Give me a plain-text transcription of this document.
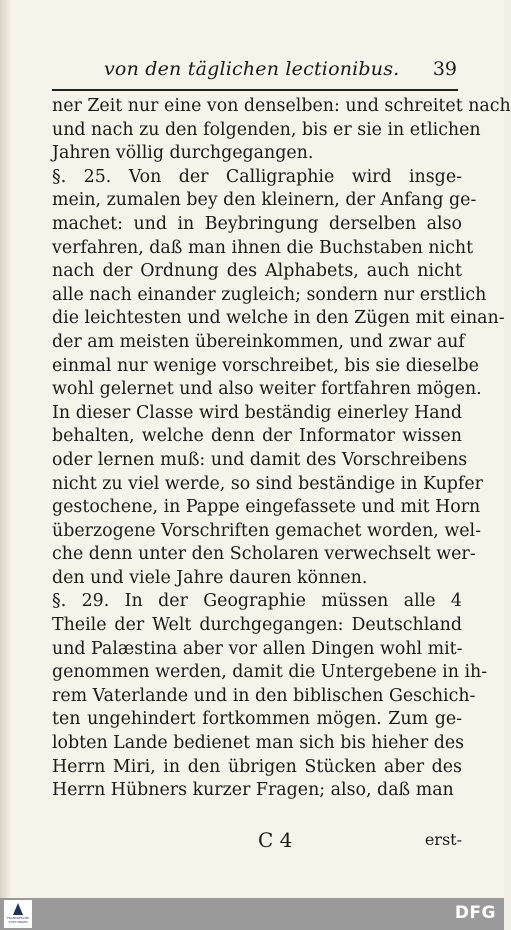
von den täglichen lectionibus. 39
ner Zeit nur eine von denselben: und schreitet nach
und nach zu den folgenden, bis er sie in etlichen
Jahren völlig durchgegangen.
§. 25. Von der Calligraphie wird insge-
mein, zumalen bey den kleinern, der Anfang ge-
machet: und in Beybringung derselben also
verfahren, daß man ihnen die Buchstaben nicht
nach der Ordnung des Alphabets, auch nicht
alle nach einander zugleich; sondern nur erstlich
die leichtesten und welche in den Zügen mit einan-
der am meisten übereinkommen, und zwar auf
einmal nur wenige vorschreibet, bis sie dieselbe
wohl gelernet und also weiter fortfahren mögen.
In dieser Classe wird beständig einerley Hand
behalten, welche denn der Informator wissen
oder lernen muß: und damit des Vorschreibens
nicht zu viel werde, so sind beständige in Kupfer
gestochene, in Pappe eingefassete und mit Horn
überzogene Vorschriften gemachet worden, wel-
che denn unter den Scholaren verwechselt wer-
den und viele Jahre dauren können.
§. 29. In der Geographie müssen alle 4
Theile der Welt durchgegangen: Deutschland
und Palæstina aber vor allen Dingen wohl mit-
genommen werden, damit die Untergebene in ih-
rem Vaterlande und in den biblischen Geschich-
ten ungehindert fortkommen mögen. Zum ge-
lobten Lande bedienet man sich bis hieher des
Herrn Miri, in den übrigen Stücken aber des
Herrn Hübners kurzer Fragen; also, daß man
C 4	erst-
FRANCKESCHE STIFTUNGEN	DFG
